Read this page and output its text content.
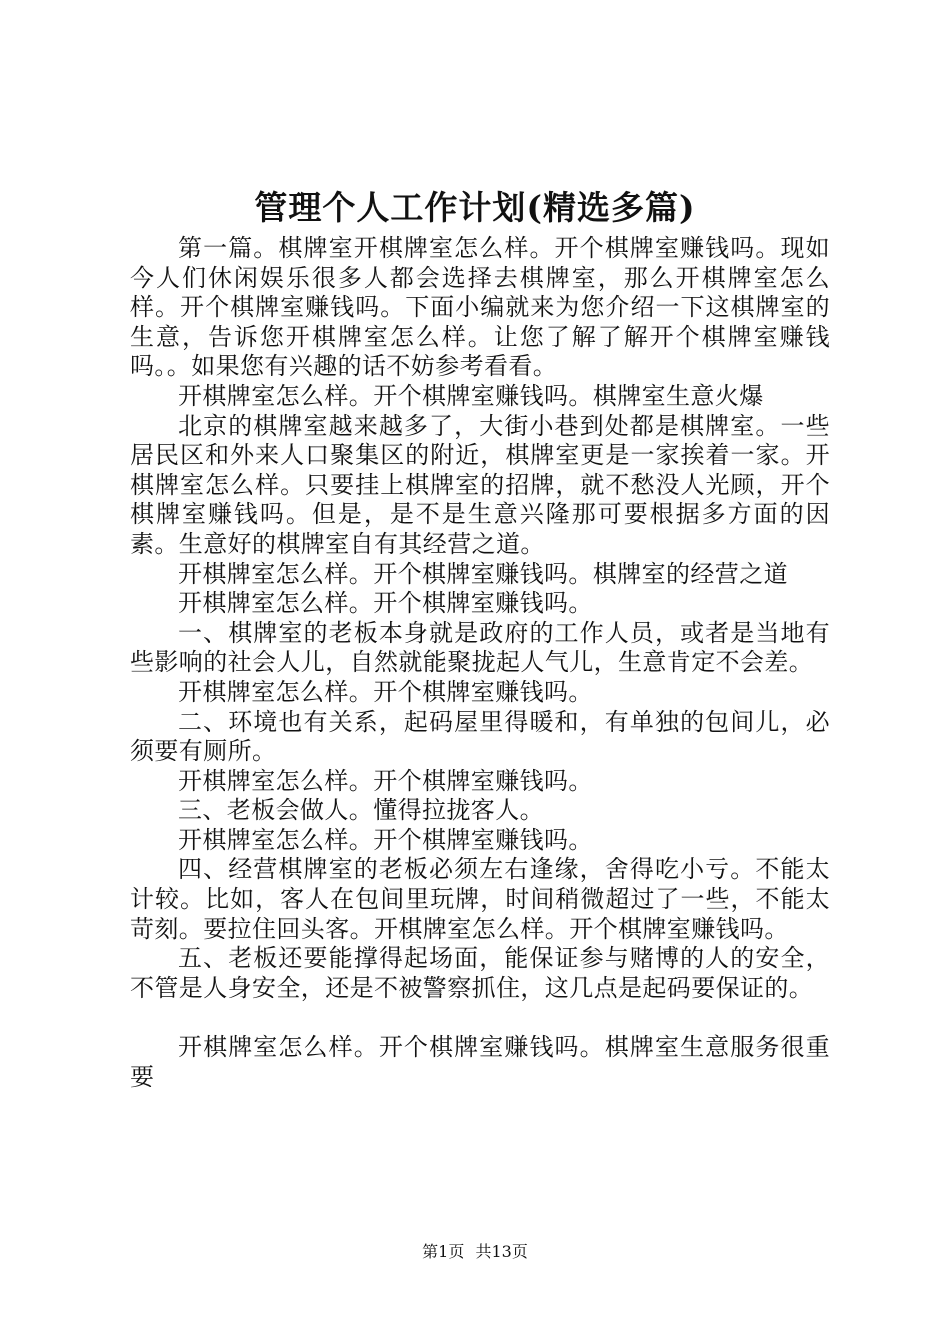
管理个人工作计划(精选多篇)

第一篇。棋牌室开棋牌室怎么样。开个棋牌室赚钱吗。现如今人们休闲娱乐很多人都会选择去棋牌室，那么开棋牌室怎么样。开个棋牌室赚钱吗。下面小编就来为您介绍一下这棋牌室的生意，告诉您开棋牌室怎么样。让您了解了解开个棋牌室赚钱吗。。如果您有兴趣的话不妨参考看看。

开棋牌室怎么样。开个棋牌室赚钱吗。棋牌室生意火爆

北京的棋牌室越来越多了，大街小巷到处都是棋牌室。一些居民区和外来人口聚集区的附近，棋牌室更是一家挨着一家。开棋牌室怎么样。只要挂上棋牌室的招牌，就不愁没人光顾，开个棋牌室赚钱吗。但是，是不是生意兴隆那可要根据多方面的因素。生意好的棋牌室自有其经营之道。

开棋牌室怎么样。开个棋牌室赚钱吗。棋牌室的经营之道

开棋牌室怎么样。开个棋牌室赚钱吗。

一、棋牌室的老板本身就是政府的工作人员，或者是当地有些影响的社会人儿，自然就能聚拢起人气儿，生意肯定不会差。

开棋牌室怎么样。开个棋牌室赚钱吗。

二、环境也有关系，起码屋里得暖和，有单独的包间儿，必须要有厕所。

开棋牌室怎么样。开个棋牌室赚钱吗。

三、老板会做人。懂得拉拢客人。

开棋牌室怎么样。开个棋牌室赚钱吗。

四、经营棋牌室的老板必须左右逢缘，舍得吃小亏。不能太计较。比如，客人在包间里玩牌，时间稍微超过了一些，不能太苛刻。要拉住回头客。开棋牌室怎么样。开个棋牌室赚钱吗。

五、老板还要能撑得起场面，能保证参与赌博的人的安全，不管是人身安全，还是不被警察抓住，这几点是起码要保证的。

开棋牌室怎么样。开个棋牌室赚钱吗。棋牌室生意服务很重要

第1页 共13页
